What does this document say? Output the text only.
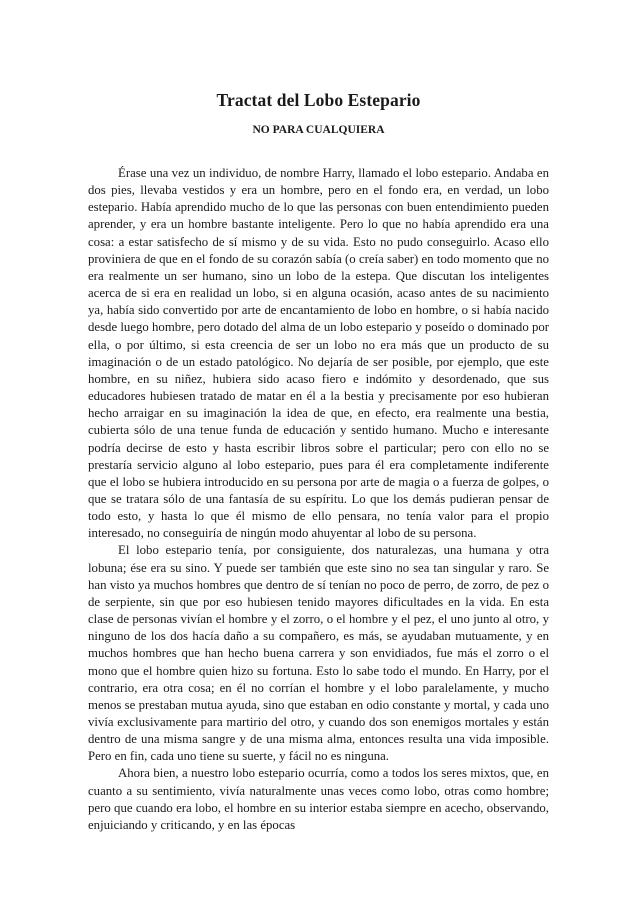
Tractat del Lobo Estepario
NO PARA CUALQUIERA

Érase una vez un individuo, de nombre Harry, llamado el lobo estepario. Andaba en dos pies, llevaba vestidos y era un hombre, pero en el fondo era, en verdad, un lobo estepario. Había aprendido mucho de lo que las personas con buen entendimiento pueden aprender, y era un hombre bastante inteligente. Pero lo que no había aprendido era una cosa: a estar satisfecho de sí mismo y de su vida. Esto no pudo conseguirlo. Acaso ello proviniera de que en el fondo de su corazón sabía (o creía saber) en todo momento que no era realmente un ser humano, sino un lobo de la estepa. Que discutan los inteligentes acerca de si era en realidad un lobo, si en alguna ocasión, acaso antes de su nacimiento ya, había sido convertido por arte de encantamiento de lobo en hombre, o si había nacido desde luego hombre, pero dotado del alma de un lobo estepario y poseído o dominado por ella, o por último, si esta creencia de ser un lobo no era más que un producto de su imaginación o de un estado patológico. No dejaría de ser posible, por ejemplo, que este hombre, en su niñez, hubiera sido acaso fiero e indómito y desordenado, que sus educadores hubiesen tratado de matar en él a la bestia y precisamente por eso hubieran hecho arraigar en su imaginación la idea de que, en efecto, era realmente una bestia, cubierta sólo de una tenue funda de educación y sentido humano. Mucho e interesante podría decirse de esto y hasta escribir libros sobre el particular; pero con ello no se prestaría servicio alguno al lobo estepario, pues para él era completamente indiferente que el lobo se hubiera introducido en su persona por arte de magia o a fuerza de golpes, o que se tratara sólo de una fantasía de su espíritu. Lo que los demás pudieran pensar de todo esto, y hasta lo que él mismo de ello pensara, no tenía valor para el propio interesado, no conseguiría de ningún modo ahuyentar al lobo de su persona.

El lobo estepario tenía, por consiguiente, dos naturalezas, una humana y otra lobuna; ése era su sino. Y puede ser también que este sino no sea tan singular y raro. Se han visto ya muchos hombres que dentro de sí tenían no poco de perro, de zorro, de pez o de serpiente, sin que por eso hubiesen tenido mayores dificultades en la vida. En esta clase de personas vivían el hombre y el zorro, o el hombre y el pez, el uno junto al otro, y ninguno de los dos hacía daño a su compañero, es más, se ayudaban mutuamente, y en muchos hombres que han hecho buena carrera y son envidiados, fue más el zorro o el mono que el hombre quien hizo su fortuna. Esto lo sabe todo el mundo. En Harry, por el contrario, era otra cosa; en él no corrían el hombre y el lobo paralelamente, y mucho menos se prestaban mutua ayuda, sino que estaban en odio constante y mortal, y cada uno vivía exclusivamente para martirio del otro, y cuando dos son enemigos mortales y están dentro de una misma sangre y de una misma alma, entonces resulta una vida imposible. Pero en fin, cada uno tiene su suerte, y fácil no es ninguna.

Ahora bien, a nuestro lobo estepario ocurría, como a todos los seres mixtos, que, en cuanto a su sentimiento, vivía naturalmente unas veces como lobo, otras como hombre; pero que cuando era lobo, el hombre en su interior estaba siempre en acecho, observando, enjuiciando y criticando, y en las épocas
